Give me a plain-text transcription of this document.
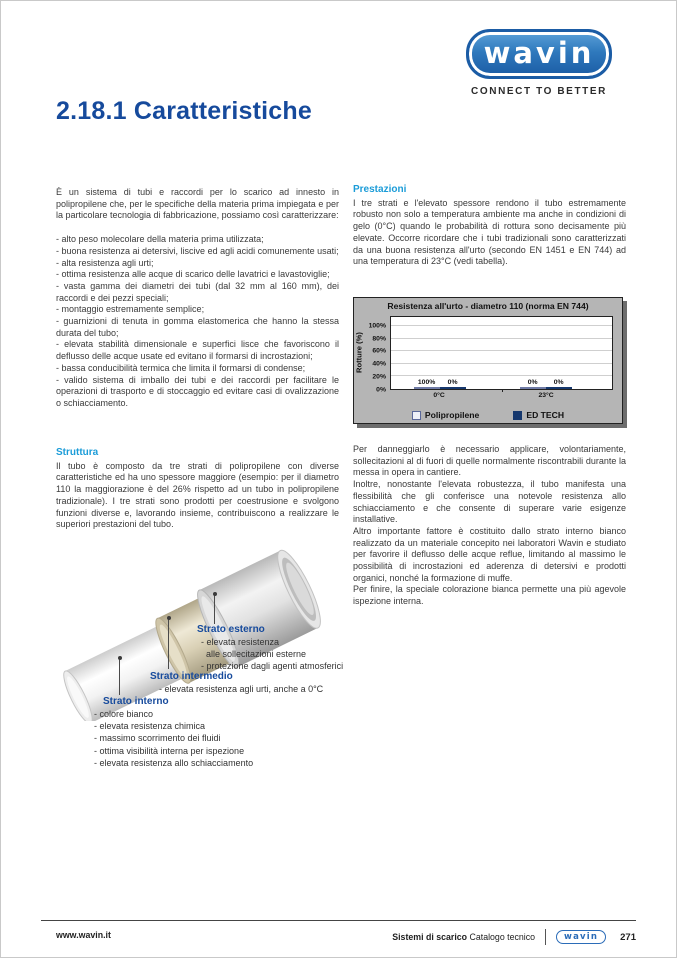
wavin
CONNECT TO BETTER
2.18.1 Caratteristiche

È un sistema di tubi e raccordi per lo scarico ad innesto in polipropilene che, per le specifiche della materia prima impiegata e per la particolare tecnologia di fabbricazione, possiamo così caratterizzare:

- alto peso molecolare della materia prima utilizzata;
- buona resistenza ai detersivi, liscive ed agli acidi comunemente usati;
- alta resistenza agli urti;
- ottima resistenza alle acque di scarico delle lavatrici e lavastoviglie;
- vasta gamma dei diametri dei tubi (dal 32 mm al 160 mm), dei raccordi e dei pezzi speciali;
- montaggio estremamente semplice;
- guarnizioni di tenuta in gomma elastomerica che hanno la stessa durata del tubo;
- elevata stabilità dimensionale e superfici lisce che favoriscono il deflusso delle acque usate ed evitano il formarsi di incrostazioni;
- bassa conducibilità termica che limita il formarsi di condense;
- valido sistema di imballo dei tubi e dei raccordi per facilitare le operazioni di trasporto e di stoccaggio ed evitare casi di ovalizzazione o schiacciamento.
Struttura

Il tubo è composto da tre strati di polipropilene con diverse caratteristiche ed ha uno spessore maggiore (esempio: per il diametro 110 la maggiorazione è del 26% rispetto ad un tubo in polipropilene tradizionale). I tre strati sono prodotti per coestrusione e svolgono funzioni diverse e, lavorando insieme, contribuiscono a realizzare le superiori prestazioni del tubo.

Strato esterno
- elevata resistenza
alle sollecitazioni esterne
- protezione dagli agenti atmosferici
Strato intermedio
- elevata resistenza agli urti, anche a 0°C
Strato interno
- colore bianco
- elevata resistenza chimica
- massimo scorrimento dei fluidi
- ottima visibilità interna per ispezione
- elevata resistenza allo schiacciamento
Prestazioni

I tre strati e l'elevato spessore rendono il tubo estremamente robusto non solo a temperatura ambiente ma anche in condizioni di gelo (0°C) quando le probabilità di rottura sono decisamente più elevate. Occorre ricordare che i tubi tradizionali sono caratterizzati da una buona resistenza all'urto (secondo EN 1451 e EN 744) ad una temperatura di 23°C (vedi tabella).

Resistenza all'urto - diametro 110 (norma EN 744)
Rotture (%)
0%
20%
40%
60%
80%
100%
100% 0%	0% 0%
0°C	23°C
Polipropilene	ED TECH
Per danneggiarlo è necessario applicare, volontariamente, sollecitazioni al di fuori di quelle normalmente riscontrabili durante la messa in opera in cantiere.
Inoltre, nonostante l'elevata robustezza, il tubo manifesta una flessibilità che gli conferisce una notevole resistenza allo schiacciamento e che consente di superare varie esigenze installative.
Altro importante fattore è costituito dallo strato interno bianco realizzato da un materiale concepito nei laboratori Wavin e studiato per favorire il deflusso delle acque reflue, limitando al massimo le possibilità di incrostazioni ed aderenza di detersivi e prodotti organici, nonché la formazione di muffe.
Per finire, la speciale colorazione bianca permette una più agevole ispezione interna.
www.wavin.it	Sistemi di scarico Catalogo tecnico	wavin	271
